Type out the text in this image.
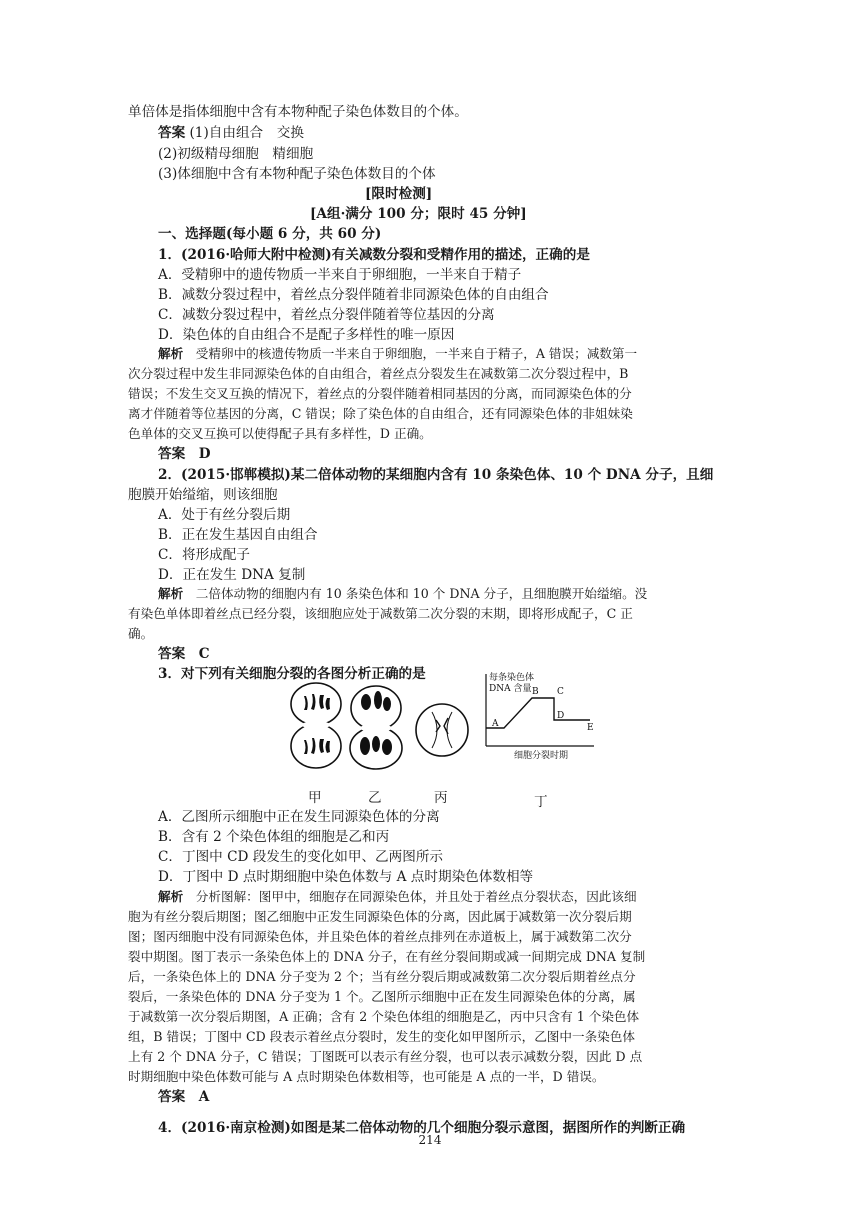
单倍体是指体细胞中含有本物种配子染色体数目的个体。
答案 (1)自由组合　交换
(2)初级精母细胞　精细胞
(3)体细胞中含有本物种配子染色体数目的个体
[限时检测]
[A组·满分 100 分；限时 45 分钟]
一、选择题(每小题 6 分，共 60 分)
1．(2016·哈师大附中检测)有关减数分裂和受精作用的描述，正确的是
A．受精卵中的遗传物质一半来自于卵细胞，一半来自于精子
B．减数分裂过程中，着丝点分裂伴随着非同源染色体的自由组合
C．减数分裂过程中，着丝点分裂伴随着等位基因的分离
D．染色体的自由组合不是配子多样性的唯一原因
解析　受精卵中的核遗传物质一半来自于卵细胞，一半来自于精子，A 错误；减数第一
次分裂过程中发生非同源染色体的自由组合，着丝点分裂发生在减数第二次分裂过程中，B
错误；不发生交叉互换的情况下，着丝点的分裂伴随着相同基因的分离，而同源染色体的分
离才伴随着等位基因的分离，C 错误；除了染色体的自由组合，还有同源染色体的非姐妹染
色单体的交叉互换可以使得配子具有多样性，D 正确。
答案　D
2．(2015·邯郸模拟)某二倍体动物的某细胞内含有 10 条染色体、10 个 DNA 分子，且细
胞膜开始缢缩，则该细胞
A．处于有丝分裂后期
B．正在发生基因自由组合
C．将形成配子
D．正在发生 DNA 复制
解析　二倍体动物的细胞内有 10 条染色体和 10 个 DNA 分子，且细胞膜开始缢缩。没
有染色单体即着丝点已经分裂，该细胞应处于减数第二次分裂的末期，即将形成配子，C 正
确。
答案　C
3．对下列有关细胞分裂的各图分析正确的是	每条染色体
DNA 含量
A
B C
D
E
细胞分裂时期
甲	乙	丙	丁
A．乙图所示细胞中正在发生同源染色体的分离
B．含有 2 个染色体组的细胞是乙和丙
C．丁图中 CD 段发生的变化如甲、乙两图所示
D．丁图中 D 点时期细胞中染色体数与 A 点时期染色体数相等
解析　分析图解：图甲中，细胞存在同源染色体，并且处于着丝点分裂状态，因此该细
胞为有丝分裂后期图；图乙细胞中正发生同源染色体的分离，因此属于减数第一次分裂后期
图；图丙细胞中没有同源染色体，并且染色体的着丝点排列在赤道板上，属于减数第二次分
裂中期图。图丁表示一条染色体上的 DNA 分子，在有丝分裂间期或减一间期完成 DNA 复制
后，一条染色体上的 DNA 分子变为 2 个；当有丝分裂后期或减数第二次分裂后期着丝点分
裂后，一条染色体的 DNA 分子变为 1 个。乙图所示细胞中正在发生同源染色体的分离，属
于减数第一次分裂后期图，A 正确；含有 2 个染色体组的细胞是乙，丙中只含有 1 个染色体
组，B 错误；丁图中 CD 段表示着丝点分裂时，发生的变化如甲图所示，乙图中一条染色体
上有 2 个 DNA 分子，C 错误；丁图既可以表示有丝分裂，也可以表示减数分裂，因此 D 点
时期细胞中染色体数可能与 A 点时期染色体数相等，也可能是 A 点的一半，D 错误。
答案　A
4．(2016·南京检测)如图是某二倍体动物的几个细胞分裂示意图，据图所作的判断正确
214
